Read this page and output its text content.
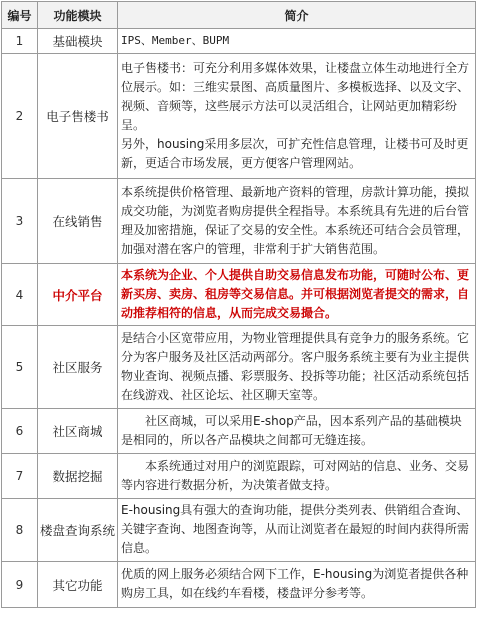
编号	功能模块	简介
1	基础模块	IPS、Member、BUPM

2	电子售楼书	电子售楼书：可充分利用多媒体效果，让楼盘立体生动地进行全方位展示。如：三维实景图、高质量图片、多模板选择、以及文字、视频、音频等，这些展示方法可以灵活组合，让网站更加精彩纷呈。

另外，housing采用多层次，可扩充性信息管理，让楼书可及时更新，更适合市场发展，更方便客户管理网站。

3	在线销售	本系统提供价格管理、最新地产资料的管理，房款计算功能，摸拟成交功能，为浏览者购房提供全程指导。本系统具有先进的后台管理及加密措施，保证了交易的安全性。本系统还可结合会员管理，加强对潜在客户的管理，非常利于扩大销售范围。

4	中介平台	本系统为企业、个人提供自助交易信息发布功能，可随时公布、更新买房、卖房、租房等交易信息。并可根据浏览者提交的需求，自动推荐相符的信息，从而完成交易撮合。

5	社区服务	是结合小区宽带应用，为物业管理提供具有竞争力的服务系统。它分为客户服务及社区活动两部分。客户服务系统主要有为业主提供物业查询、视频点播、彩票服务、投拆等功能；社区活动系统包括在线游戏、社区论坛、社区聊天室等。

6	社区商城	　　社区商城，可以采用E-shop产品，因本系列产品的基础模块是相同的，所以各产品模块之间都可无缝连接。

7	数据挖掘	　　本系统通过对用户的浏览跟踪，可对网站的信息、业务、交易等内容进行数据分析，为决策者做支持。

8	楼盘查询系统	E-housing具有强大的查询功能，提供分类列表、供销组合查询、关键字查询、地图查询等，从而让浏览者在最短的时间内获得所需信息。

9	其它功能	优质的网上服务必须结合网下工作，E-housing为浏览者提供各种购房工具，如在线约车看楼，楼盘评分参考等。
